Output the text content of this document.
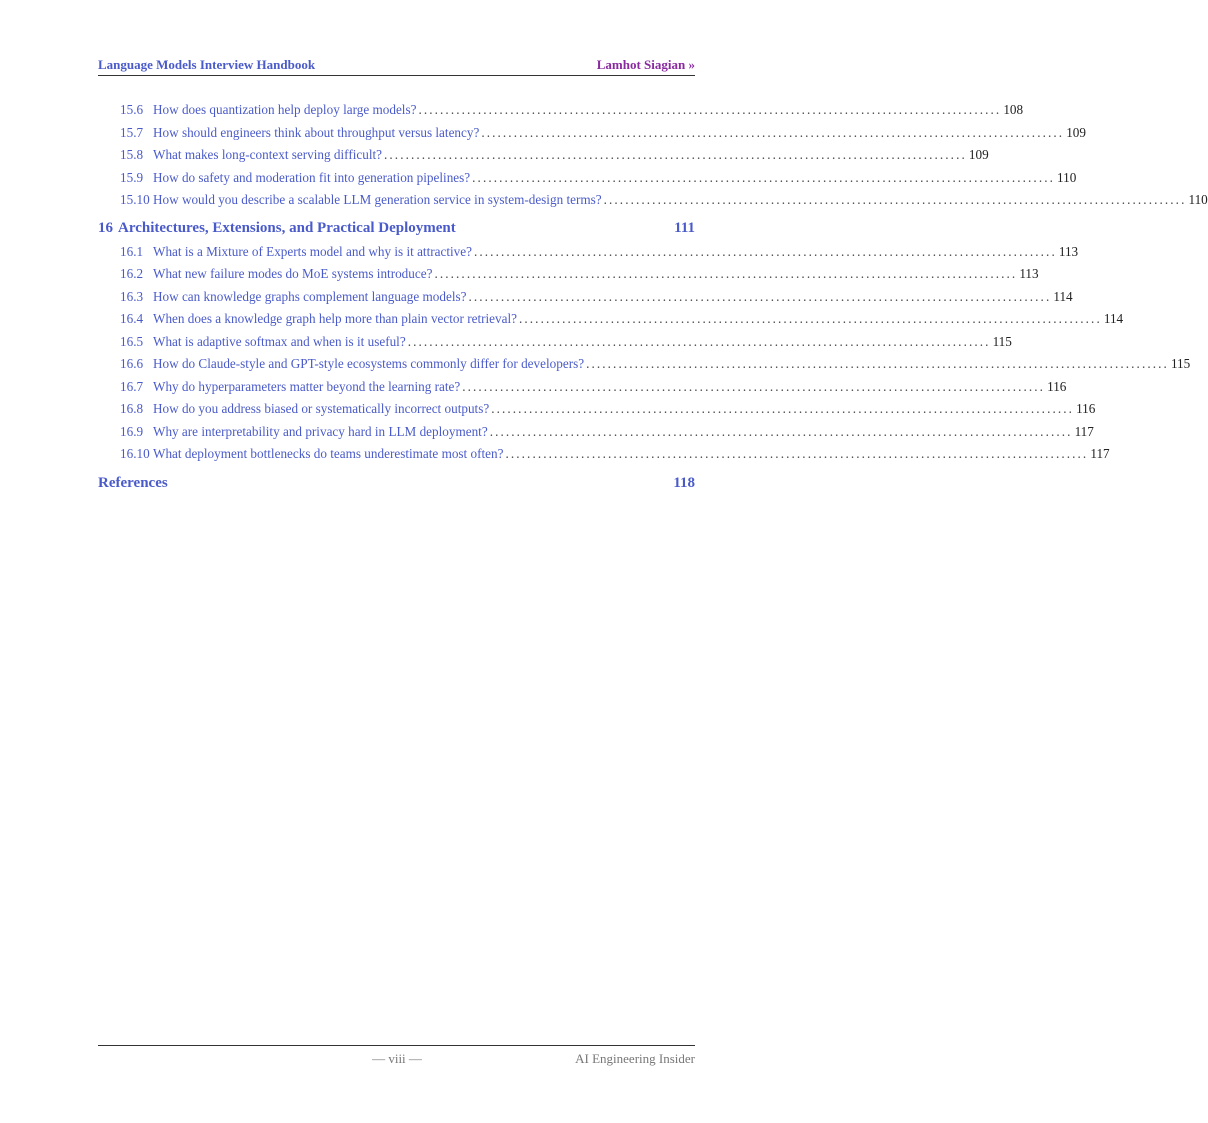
Language Models Interview Handbook	Lamhot Siagian »
15.6 How does quantization help deploy large models? ............................................................................................................ 108
15.7 How should engineers think about throughput versus latency? ............................................................................................................ 109
15.8 What makes long-context serving difficult? ............................................................................................................ 109
15.9 How do safety and moderation fit into generation pipelines? ............................................................................................................ 110
15.10 How would you describe a scalable LLM generation service in system-design terms? ............................................................................................................ 110
16 Architectures, Extensions, and Practical Deployment	111
16.1 What is a Mixture of Experts model and why is it attractive? ............................................................................................................ 113
16.2 What new failure modes do MoE systems introduce? ............................................................................................................ 113
16.3 How can knowledge graphs complement language models? ............................................................................................................ 114
16.4 When does a knowledge graph help more than plain vector retrieval? ............................................................................................................ 114
16.5 What is adaptive softmax and when is it useful? ............................................................................................................ 115
16.6 How do Claude-style and GPT-style ecosystems commonly differ for developers? ............................................................................................................ 115
16.7 Why do hyperparameters matter beyond the learning rate? ............................................................................................................ 116
16.8 How do you address biased or systematically incorrect outputs? ............................................................................................................ 116
16.9 Why are interpretability and privacy hard in LLM deployment? ............................................................................................................ 117
16.10 What deployment bottlenecks do teams underestimate most often? ............................................................................................................ 117
References	118
— viii —	AI Engineering Insider
